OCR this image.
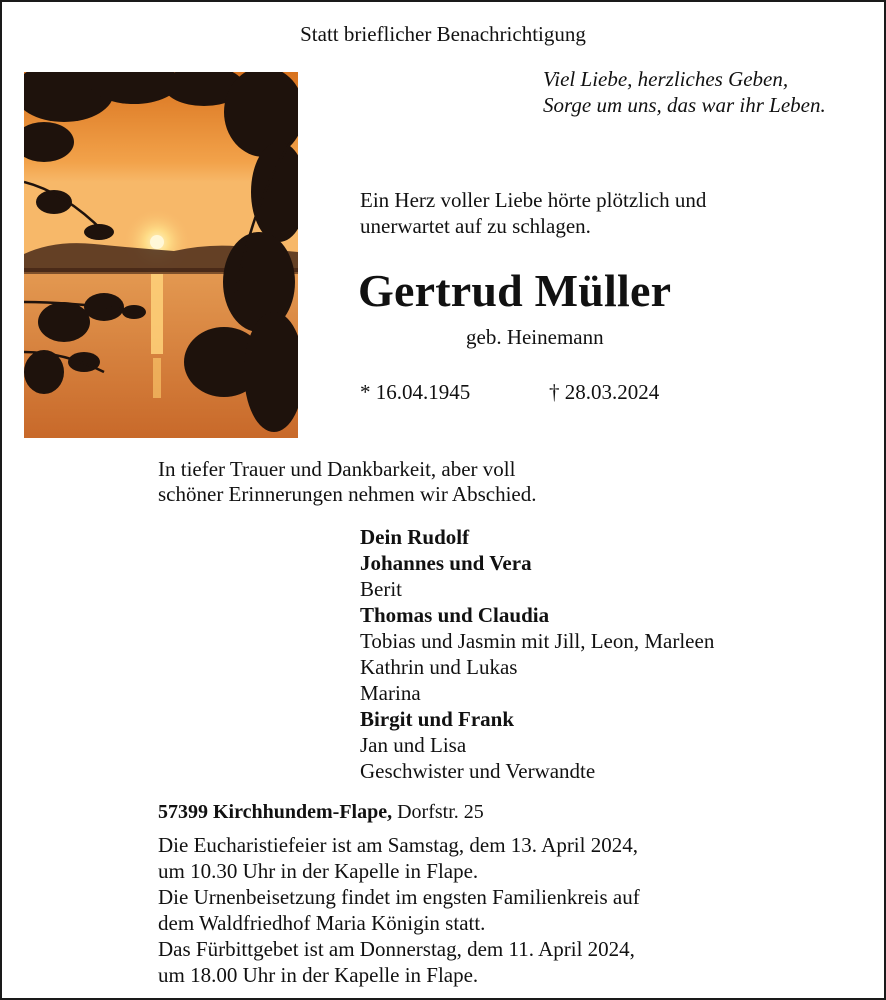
Statt brieflicher Benachrichtigung
Viel Liebe, herzliches Geben,
Sorge um uns, das war ihr Leben.
Ein Herz voller Liebe hörte plötzlich und
unerwartet auf zu schlagen.
Gertrud Müller
geb. Heinemann
* 16.04.1945	† 28.03.2024
In tiefer Trauer und Dankbarkeit, aber voll
schöner Erinnerungen nehmen wir Abschied.
Dein Rudolf
Johannes und Vera
Berit
Thomas und Claudia
Tobias und Jasmin mit Jill, Leon, Marleen
Kathrin und Lukas
Marina
Birgit und Frank
Jan und Lisa
Geschwister und Verwandte
57399 Kirchhundem-Flape, Dorfstr. 25
Die Eucharistiefeier ist am Samstag, dem 13. April 2024,
um 10.30 Uhr in der Kapelle in Flape.
Die Urnenbeisetzung findet im engsten Familienkreis auf
dem Waldfriedhof Maria Königin statt.
Das Fürbittgebet ist am Donnerstag, dem 11. April 2024,
um 18.00 Uhr in der Kapelle in Flape.
